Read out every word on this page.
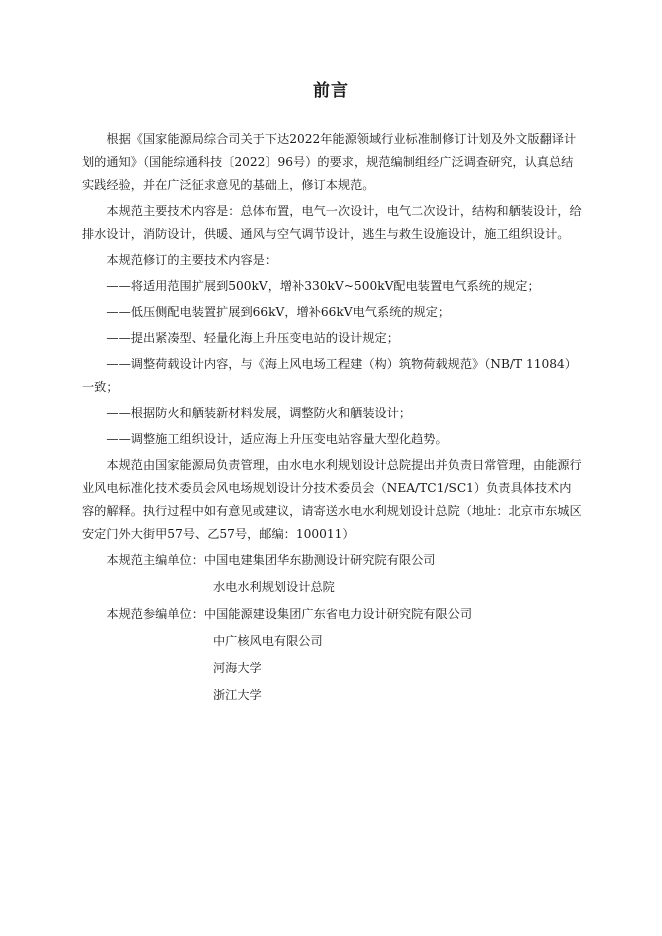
前言

根据《国家能源局综合司关于下达2022年能源领域行业标准制修订计划及外文版翻译计划的通知》（国能综通科技〔2022〕96号）的要求，规范编制组经广泛调查研究，认真总结实践经验，并在广泛征求意见的基础上，修订本规范。

本规范主要技术内容是：总体布置，电气一次设计，电气二次设计，结构和舾装设计，给排水设计，消防设计，供暖、通风与空气调节设计，逃生与救生设施设计，施工组织设计。

本规范修订的主要技术内容是：

——将适用范围扩展到500kV，增补330kV~500kV配电装置电气系统的规定；

——低压侧配电装置扩展到66kV，增补66kV电气系统的规定；

——提出紧凑型、轻量化海上升压变电站的设计规定；

——调整荷载设计内容，与《海上风电场工程建（构）筑物荷载规范》（NB/T 11084）一致；

——根据防火和舾装新材料发展，调整防火和舾装设计；

——调整施工组织设计，适应海上升压变电站容量大型化趋势。

本规范由国家能源局负责管理，由水电水利规划设计总院提出并负责日常管理，由能源行业风电标准化技术委员会风电场规划设计分技术委员会（NEA/TC1/SC1）负责具体技术内容的解释。执行过程中如有意见或建议，请寄送水电水利规划设计总院（地址：北京市东城区安定门外大街甲57号、乙57号，邮编：100011）

本规范主编单位： 中国电建集团华东勘测设计研究院有限公司
水电水利规划设计总院
本规范参编单位： 中国能源建设集团广东省电力设计研究院有限公司
中广核风电有限公司
河海大学
浙江大学
